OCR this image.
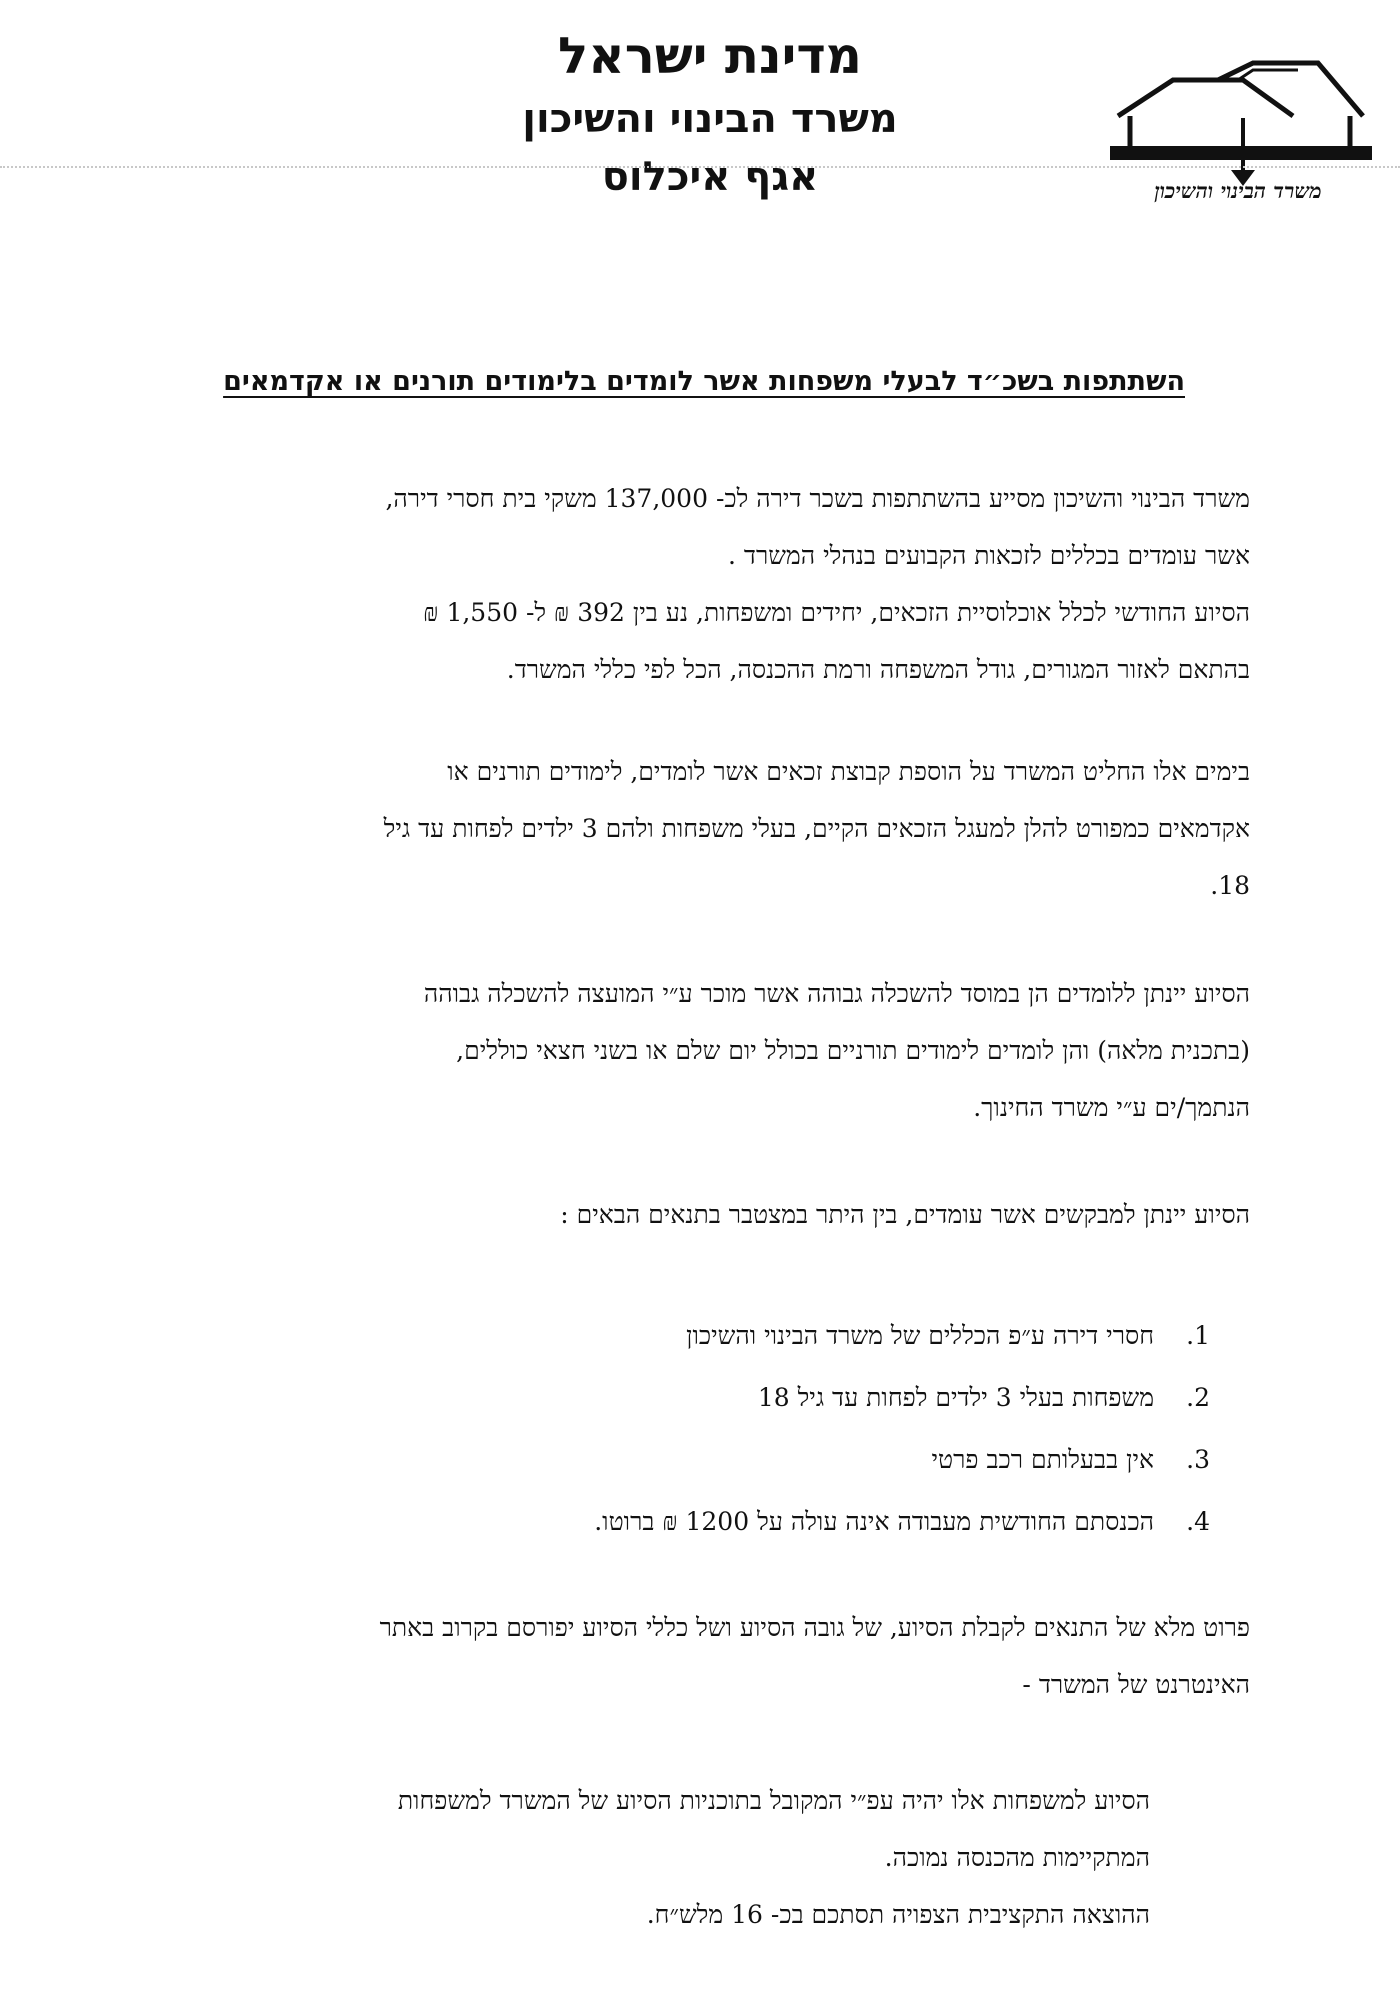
מדינת ישראל
משרד הבינוי והשיכון
אגף איכלוס	משרד הבינוי והשיכון
השתתפות בשכ״ד לבעלי משפחות אשר לומדים בלימודים תורנים או אקדמאים
משרד הבינוי והשיכון מסייע בהשתתפות בשכר דירה לכ- 137,000 משקי בית חסרי דירה,
אשר עומדים בכללים לזכאות הקבועים בנהלי המשרד .
הסיוע החודשי לכלל אוכלוסיית הזכאים, יחידים ומשפחות, נע בין 392 ₪ ל- 1,550 ₪
בהתאם לאזור המגורים, גודל המשפחה ורמת ההכנסה, הכל לפי כללי המשרד.
בימים אלו החליט המשרד על הוספת קבוצת זכאים אשר לומדים, לימודים תורנים או
אקדמאים כמפורט להלן למעגל הזכאים הקיים, בעלי משפחות ולהם 3 ילדים לפחות עד גיל
18.
הסיוע יינתן ללומדים הן במוסד להשכלה גבוהה אשר מוכר ע״י המועצה להשכלה גבוהה
(בתכנית מלאה) והן לומדים לימודים תורניים בכולל יום שלם או בשני חצאי כוללים,
הנתמך/ים ע״י משרד החינוך.
הסיוע יינתן למבקשים אשר עומדים, בין היתר במצטבר בתנאים הבאים :
1. חסרי דירה ע״פ הכללים של משרד הבינוי והשיכון
2. משפחות בעלי 3 ילדים לפחות עד גיל 18
3. אין בבעלותם רכב פרטי
4. הכנסתם החודשית מעבודה אינה עולה על 1200 ₪ ברוטו.
פרוט מלא של התנאים לקבלת הסיוע, של גובה הסיוע ושל כללי הסיוע יפורסם בקרוב באתר
האינטרנט של המשרד -
הסיוע למשפחות אלו יהיה עפ״י המקובל בתוכניות הסיוע של המשרד למשפחות
המתקיימות מהכנסה נמוכה.
ההוצאה התקציבית הצפויה תסתכם בכ- 16 מלש״ח.
